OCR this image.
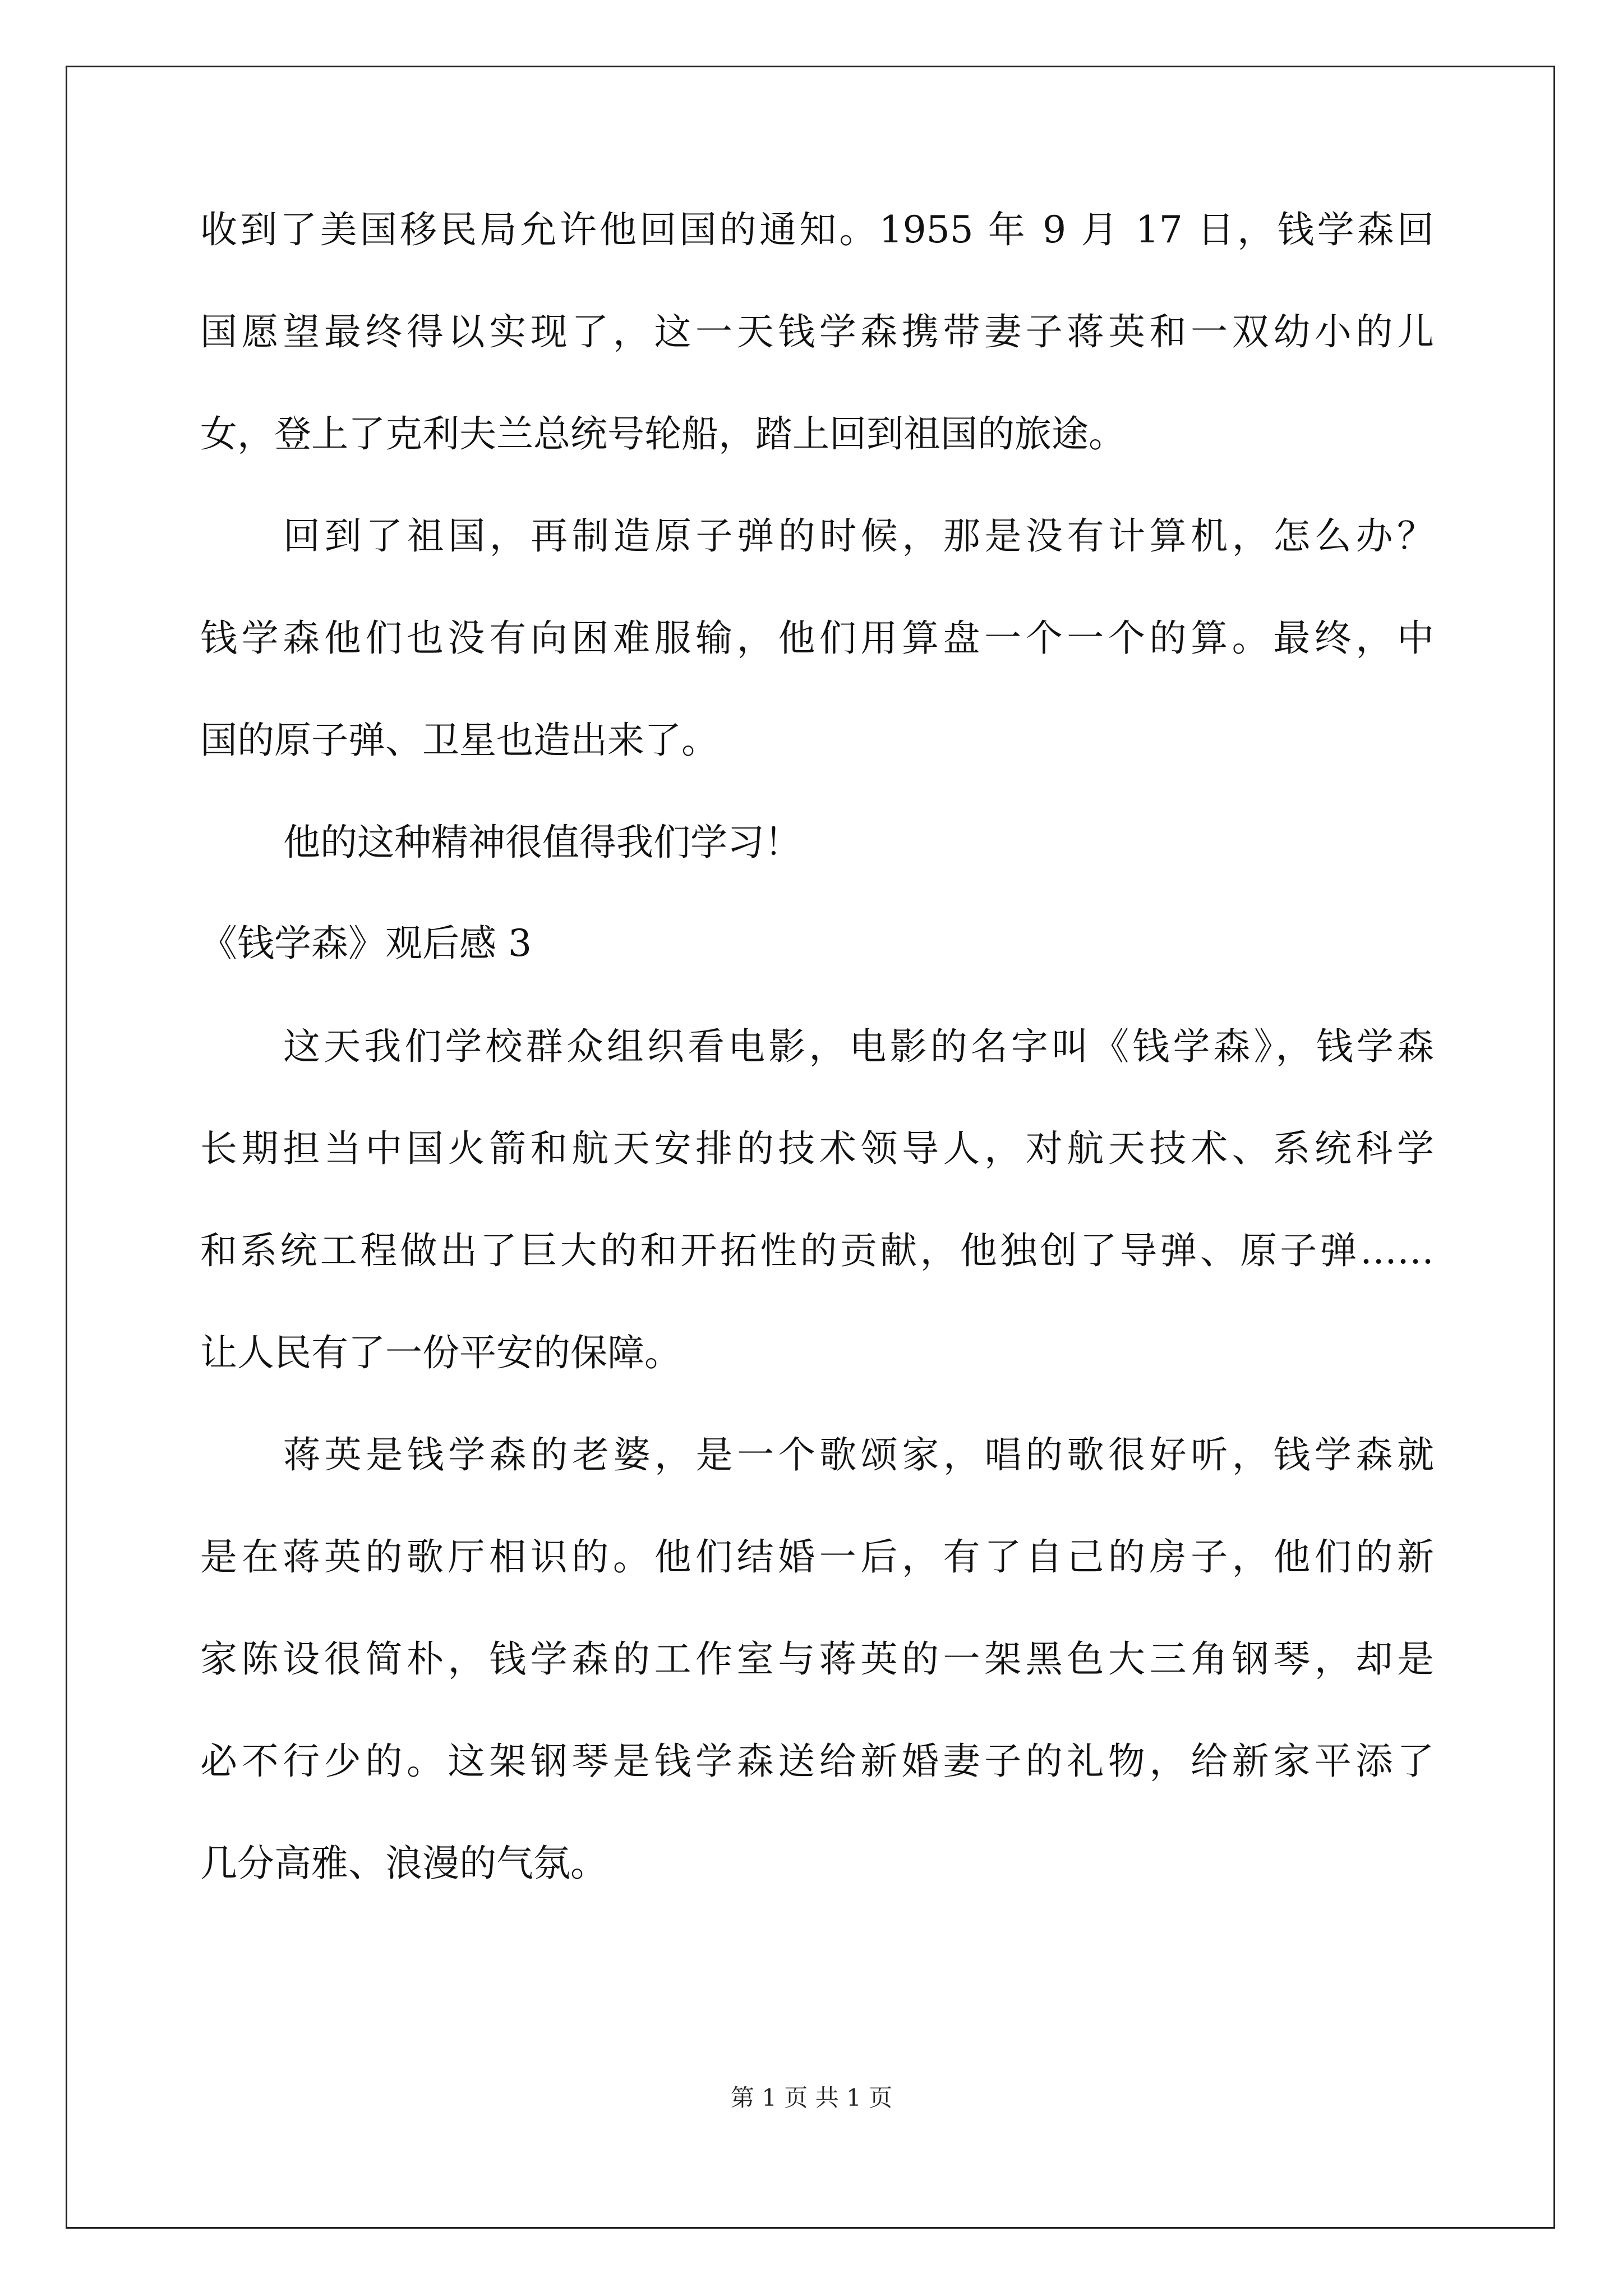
收到了美国移民局允许他回国的通知。1955 年 9 月 17 日，钱学森回
国愿望最终得以实现了，这一天钱学森携带妻子蒋英和一双幼小的儿
女，登上了克利夫兰总统号轮船，踏上回到祖国的旅途。
回到了祖国，再制造原子弹的时候，那是没有计算机，怎么办？
钱学森他们也没有向困难服输，他们用算盘一个一个的算。最终，中
国的原子弹、卫星也造出来了。
他的这种精神很值得我们学习！
《钱学森》观后感 3
这天我们学校群众组织看电影，电影的名字叫《钱学森》，钱学森
长期担当中国火箭和航天安排的技术领导人，对航天技术、系统科学
和系统工程做出了巨大的和开拓性的贡献，他独创了导弹、原子弹……
让人民有了一份平安的保障。
蒋英是钱学森的老婆，是一个歌颂家，唱的歌很好听，钱学森就
是在蒋英的歌厅相识的。他们结婚一后，有了自己的房子，他们的新
家陈设很简朴，钱学森的工作室与蒋英的一架黑色大三角钢琴，却是
必不行少的。这架钢琴是钱学森送给新婚妻子的礼物，给新家平添了
几分高雅、浪漫的气氛。
第 1 页 共 1 页
